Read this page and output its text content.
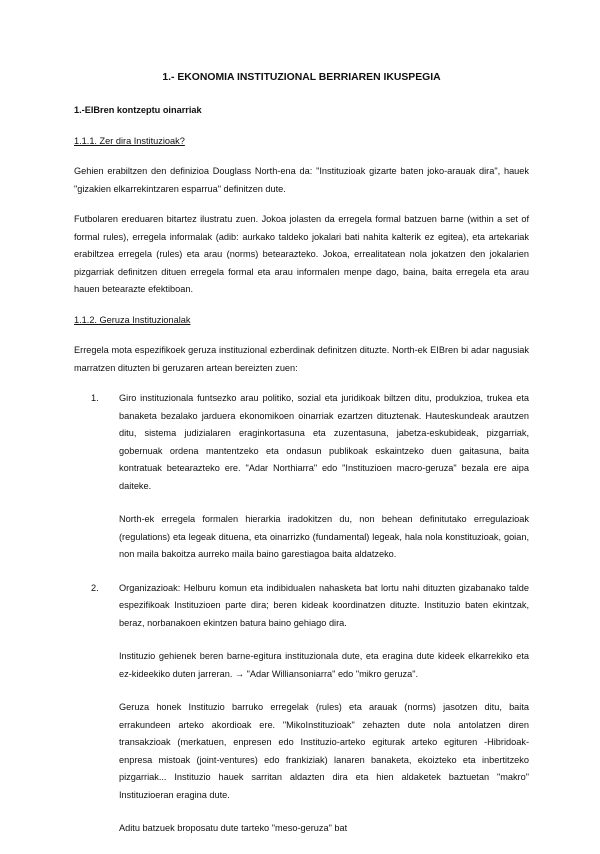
1.- EKONOMIA INSTITUZIONAL BERRIAREN IKUSPEGIA
1.-EIBren kontzeptu oinarriak
1.1.1. Zer dira Instituzioak?

Gehien erabiltzen den definizioa Douglass North-ena da: "Instituzioak gizarte baten joko-arauak dira", hauek "gizakien elkarrekintzaren esparrua" definitzen dute.

Futbolaren ereduaren bitartez ilustratu zuen. Jokoa jolasten da erregela formal batzuen barne (within a set of formal rules), erregela informalak (adib: aurkako taldeko jokalari bati nahita kalterik ez egitea), eta artekariak erabiltzea erregela (rules) eta arau (norms) betearazteko. Jokoa, errealitatean nola jokatzen den jokalarien pizgarriak definitzen dituen erregela formal eta arau informalen menpe dago, baina, baita erregela eta arau hauen betearazte efektiboan.

1.1.2. Geruza Instituzionalak

Erregela mota espezifikoek geruza instituzional ezberdinak definitzen dituzte. North-ek EIBren bi adar nagusiak marratzen dituzten bi geruzaren artean bereizten zuen:

1. Giro instituzionala funtsezko arau politiko, sozial eta juridikoak biltzen ditu, produkzioa, trukea eta banaketa bezalako jarduera ekonomikoen oinarriak ezartzen dituztenak. Hauteskundeak arautzen ditu, sistema judizialaren eraginkortasuna eta zuzentasuna, jabetza-eskubideak, pizgarriak, gobernuak ordena mantentzeko eta ondasun publikoak eskaintzeko duen gaitasuna, baita kontratuak betearazteko ere. "Adar Northiarra" edo "Instituzioen macro-geruza" bezala ere aipa daiteke.

North-ek erregela formalen hierarkia iradokitzen du, non behean definitutako erregulazioak (regulations) eta legeak dituena, eta oinarrizko (fundamental) legeak, hala nola konstituzioak, goian, non maila bakoitza aurreko maila baino garestiagoa baita aldatzeko.

2. Organizazioak: Helburu komun eta indibidualen nahasketa bat lortu nahi dituzten gizabanako talde espezifikoak Instituzioen parte dira; beren kideak koordinatzen dituzte. Instituzio baten ekintzak, beraz, norbanakoen ekintzen batura baino gehiago dira.

Instituzio gehienek beren barne-egitura instituzionala dute, eta eragina dute kideek elkarrekiko eta ez-kideekiko duten jarreran. → "Adar Williansoniarra" edo "mikro geruza".

Geruza honek Instituzio barruko erregelak (rules) eta arauak (norms) jasotzen ditu, baita errakundeen arteko akordioak ere. "MikoInstituzioak" zehazten dute nola antolatzen diren transakzioak (merkatuen, enpresen edo Instituzio-arteko egiturak arteko egituren -Hibridoak- enpresa mistoak (joint-ventures) edo frankiziak) lanaren banaketa, ekoizteko eta inbertitzeko pizgarriak... Instituzio hauek sarritan aldazten dira eta hien aldaketek baztuetan "makro" Instituzioeran eragina dute.

Aditu batzuek broposatu dute tarteko "meso-geruza" bat
